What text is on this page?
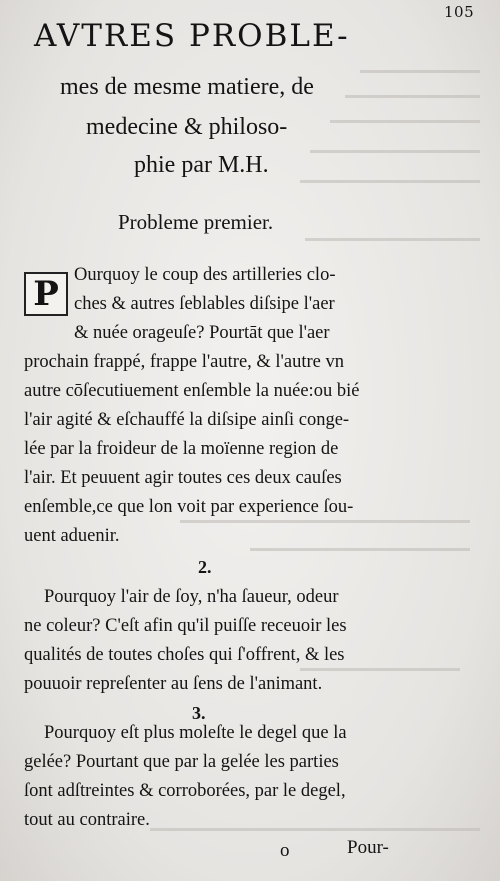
105
AVTRES PROBLE-
mes de mesme matiere, de
medecine & philoso-
phie par M.H.
Probleme premier.
P Ourquoy le coup des artilleries clo-
ches & autres ſeblables diſsipe l'aer
& nuée orageuſe? Pourtāt que l'aer
prochain frappé, frappe l'autre, & l'autre vn
autre cōſecutiuement enſemble la nuée:ou bié
l'air agité & eſchauffé la diſsipe ainſi conge-
lée par la froideur de la moïenne region de
l'air. Et peuuent agir toutes ces deux cauſes
enſemble,ce que lon voit par experience ſou-
uent aduenir.
2.
Pourquoy l'air de ſoy, n'ha ſaueur, odeur
ne coleur? C'eſt afin qu'il puiſſe receuoir les
qualités de toutes choſes qui ſ'offrent, & les
pouuoir repreſenter au ſens de l'animant.
3.
Pourquoy eſt plus moleſte le degel que la
gelée? Pourtant que par la gelée les parties
ſont adſtreintes & corroborées, par le degel,
tout au contraire.
o	Pour-
